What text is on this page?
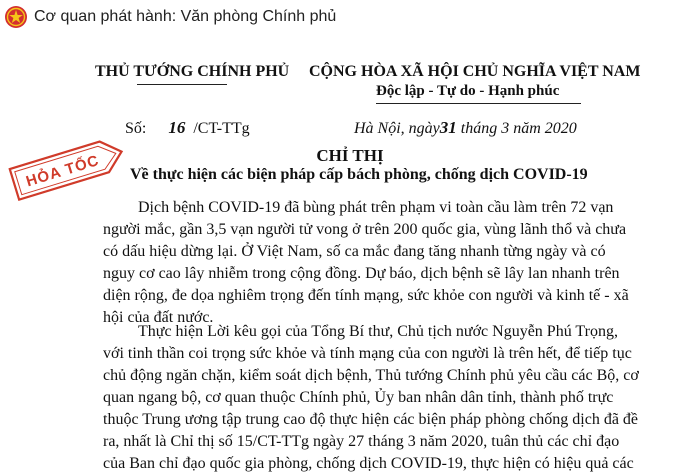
Cơ quan phát hành: Văn phòng Chính phủ
THỦ TƯỚNG CHÍNH PHỦ CỘNG HÒA XÃ HỘI CHỦ NGHĨA VIỆT NAM
Độc lập - Tự do - Hạnh phúc
Số: 16 /CT-TTg	Hà Nội, ngày31 tháng 3 năm 2020
HỎA TỐC	CHỈ THỊ
Về thực hiện các biện pháp cấp bách phòng, chống dịch COVID-19

Dịch bệnh COVID-19 đã bùng phát trên phạm vi toàn cầu làm trên 72 vạn
người mắc, gần 3,5 vạn người tử vong ở trên 200 quốc gia, vùng lãnh thổ và chưa
có dấu hiệu dừng lại. Ở Việt Nam, số ca mắc đang tăng nhanh từng ngày và có
nguy cơ cao lây nhiễm trong cộng đồng. Dự báo, dịch bệnh sẽ lây lan nhanh trên
diện rộng, đe dọa nghiêm trọng đến tính mạng, sức khỏe con người và kinh tế - xã
hội của đất nước.

Thực hiện Lời kêu gọi của Tổng Bí thư, Chủ tịch nước Nguyễn Phú Trọng,
với tinh thần coi trọng sức khỏe và tính mạng của con người là trên hết, để tiếp tục
chủ động ngăn chặn, kiểm soát dịch bệnh, Thủ tướng Chính phủ yêu cầu các Bộ, cơ
quan ngang bộ, cơ quan thuộc Chính phủ, Ủy ban nhân dân tỉnh, thành phố trực
thuộc Trung ương tập trung cao độ thực hiện các biện pháp phòng chống dịch đã đề
ra, nhất là Chỉ thị số 15/CT-TTg ngày 27 tháng 3 năm 2020, tuân thủ các chỉ đạo
của Ban chỉ đạo quốc gia phòng, chống dịch COVID-19, thực hiện có hiệu quả các
